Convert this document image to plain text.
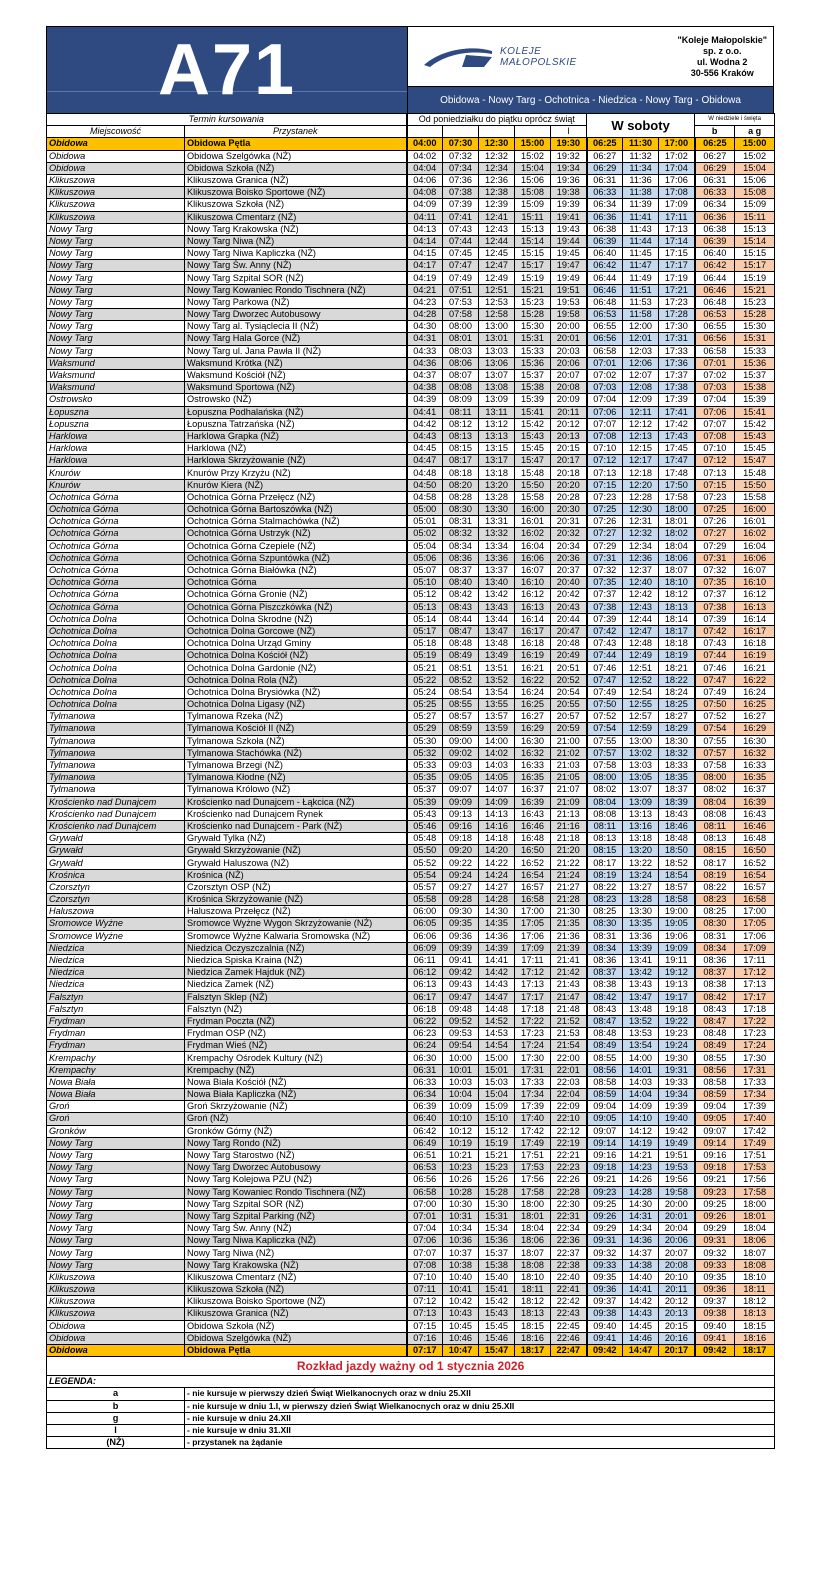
A71	KOLEJE
MAŁOPOLSKIE
"Koleje Małopolskie"
sp. z o.o.
ul. Wodna 2
30-556 Kraków
Obidowa - Nowy Targ - Ochotnica - Niedzica - Nowy Targ - Obidowa
Termin kursowania		Od poniedziałku do piątku oprócz świąt					W soboty			W niedziele i święta	
Miejscowość	Przystanek					l				b	a g
Obidowa	Obidowa Pętla	04:00	07:30	12:30	15:00	19:30	06:25	11:30	17:00	06:25	15:00
Obidowa	Obidowa Szelgówka (NŻ)	04:02	07:32	12:32	15:02	19:32	06:27	11:32	17:02	06:27	15:02
Obidowa	Obidowa Szkoła (NŻ)	04:04	07:34	12:34	15:04	19:34	06:29	11:34	17:04	06:29	15:04
Klikuszowa	Klikuszowa Granica (NŻ)	04:06	07:36	12:36	15:06	19:36	06:31	11:36	17:06	06:31	15:06
Klikuszowa	Klikuszowa Boisko Sportowe (NŻ)	04:08	07:38	12:38	15:08	19:38	06:33	11:38	17:08	06:33	15:08
Klikuszowa	Klikuszowa Szkoła (NŻ)	04:09	07:39	12:39	15:09	19:39	06:34	11:39	17:09	06:34	15:09
Klikuszowa	Klikuszowa Cmentarz (NŻ)	04:11	07:41	12:41	15:11	19:41	06:36	11:41	17:11	06:36	15:11
Nowy Targ	Nowy Targ Krakowska (NŻ)	04:13	07:43	12:43	15:13	19:43	06:38	11:43	17:13	06:38	15:13
Nowy Targ	Nowy Targ Niwa (NŻ)	04:14	07:44	12:44	15:14	19:44	06:39	11:44	17:14	06:39	15:14
Nowy Targ	Nowy Targ Niwa Kapliczka (NŻ)	04:15	07:45	12:45	15:15	19:45	06:40	11:45	17:15	06:40	15:15
Nowy Targ	Nowy Targ Św. Anny (NŻ)	04:17	07:47	12:47	15:17	19:47	06:42	11:47	17:17	06:42	15:17
Nowy Targ	Nowy Targ Szpital SOR (NŻ)	04:19	07:49	12:49	15:19	19:49	06:44	11:49	17:19	06:44	15:19
Nowy Targ	Nowy Targ Kowaniec Rondo Tischnera (NŻ)	04:21	07:51	12:51	15:21	19:51	06:46	11:51	17:21	06:46	15:21
Nowy Targ	Nowy Targ Parkowa (NŻ)	04:23	07:53	12:53	15:23	19:53	06:48	11:53	17:23	06:48	15:23
Nowy Targ	Nowy Targ Dworzec Autobusowy	04:28	07:58	12:58	15:28	19:58	06:53	11:58	17:28	06:53	15:28
Nowy Targ	Nowy Targ al. Tysiąclecia II (NŻ)	04:30	08:00	13:00	15:30	20:00	06:55	12:00	17:30	06:55	15:30
Nowy Targ	Nowy Targ Hala Gorce (NŻ)	04:31	08:01	13:01	15:31	20:01	06:56	12:01	17:31	06:56	15:31
Nowy Targ	Nowy Targ ul. Jana Pawła II (NŻ)	04:33	08:03	13:03	15:33	20:03	06:58	12:03	17:33	06:58	15:33
Waksmund	Waksmund Krótka (NŻ)	04:36	08:06	13:06	15:36	20:06	07:01	12:06	17:36	07:01	15:36
Waksmund	Waksmund Kościół (NŻ)	04:37	08:07	13:07	15:37	20:07	07:02	12:07	17:37	07:02	15:37
Waksmund	Waksmund Sportowa (NŻ)	04:38	08:08	13:08	15:38	20:08	07:03	12:08	17:38	07:03	15:38
Ostrowsko	Ostrowsko (NŻ)	04:39	08:09	13:09	15:39	20:09	07:04	12:09	17:39	07:04	15:39
Łopuszna	Łopuszna Podhalańska (NŻ)	04:41	08:11	13:11	15:41	20:11	07:06	12:11	17:41	07:06	15:41
Łopuszna	Łopuszna Tatrzańska (NŻ)	04:42	08:12	13:12	15:42	20:12	07:07	12:12	17:42	07:07	15:42
Harklowa	Harklowa Grapka (NŻ)	04:43	08:13	13:13	15:43	20:13	07:08	12:13	17:43	07:08	15:43
Harklowa	Harklowa (NŻ)	04:45	08:15	13:15	15:45	20:15	07:10	12:15	17:45	07:10	15:45
Harklowa	Harklowa Skrzyżowanie (NŻ)	04:47	08:17	13:17	15:47	20:17	07:12	12:17	17:47	07:12	15:47
Knurów	Knurów Przy Krzyżu (NŻ)	04:48	08:18	13:18	15:48	20:18	07:13	12:18	17:48	07:13	15:48
Knurów	Knurów Kiera (NŻ)	04:50	08:20	13:20	15:50	20:20	07:15	12:20	17:50	07:15	15:50
Ochotnica Górna	Ochotnica Górna Przełęcz (NŻ)	04:58	08:28	13:28	15:58	20:28	07:23	12:28	17:58	07:23	15:58
Ochotnica Górna	Ochotnica Górna Bartoszówka (NŻ)	05:00	08:30	13:30	16:00	20:30	07:25	12:30	18:00	07:25	16:00
Ochotnica Górna	Ochotnica Górna Stalmachówka (NŻ)	05:01	08:31	13:31	16:01	20:31	07:26	12:31	18:01	07:26	16:01
Ochotnica Górna	Ochotnica Górna Ustrzyk (NŻ)	05:02	08:32	13:32	16:02	20:32	07:27	12:32	18:02	07:27	16:02
Ochotnica Górna	Ochotnica Górna Czepiele (NŻ)	05:04	08:34	13:34	16:04	20:34	07:29	12:34	18:04	07:29	16:04
Ochotnica Górna	Ochotnica Górna Szpuntówka (NŻ)	05:06	08:36	13:36	16:06	20:36	07:31	12:36	18:06	07:31	16:06
Ochotnica Górna	Ochotnica Górna Białówka (NŻ)	05:07	08:37	13:37	16:07	20:37	07:32	12:37	18:07	07:32	16:07
Ochotnica Górna	Ochotnica Górna	05:10	08:40	13:40	16:10	20:40	07:35	12:40	18:10	07:35	16:10
Ochotnica Górna	Ochotnica Górna Gronie (NŻ)	05:12	08:42	13:42	16:12	20:42	07:37	12:42	18:12	07:37	16:12
Ochotnica Górna	Ochotnica Górna Piszczkówka (NŻ)	05:13	08:43	13:43	16:13	20:43	07:38	12:43	18:13	07:38	16:13
Ochotnica Dolna	Ochotnica Dolna Skrodne (NŻ)	05:14	08:44	13:44	16:14	20:44	07:39	12:44	18:14	07:39	16:14
Ochotnica Dolna	Ochotnica Dolna Gorcowe (NŻ)	05:17	08:47	13:47	16:17	20:47	07:42	12:47	18:17	07:42	16:17
Ochotnica Dolna	Ochotnica Dolna Urząd Gminy	05:18	08:48	13:48	16:18	20:48	07:43	12:48	18:18	07:43	16:18
Ochotnica Dolna	Ochotnica Dolna Kościół (NŻ)	05:19	08:49	13:49	16:19	20:49	07:44	12:49	18:19	07:44	16:19
Ochotnica Dolna	Ochotnica Dolna Gardonie (NŻ)	05:21	08:51	13:51	16:21	20:51	07:46	12:51	18:21	07:46	16:21
Ochotnica Dolna	Ochotnica Dolna Rola (NŻ)	05:22	08:52	13:52	16:22	20:52	07:47	12:52	18:22	07:47	16:22
Ochotnica Dolna	Ochotnica Dolna Brysiówka (NŻ)	05:24	08:54	13:54	16:24	20:54	07:49	12:54	18:24	07:49	16:24
Ochotnica Dolna	Ochotnica Dolna Ligasy (NŻ)	05:25	08:55	13:55	16:25	20:55	07:50	12:55	18:25	07:50	16:25
Tylmanowa	Tylmanowa Rzeka (NŻ)	05:27	08:57	13:57	16:27	20:57	07:52	12:57	18:27	07:52	16:27
Tylmanowa	Tylmanowa Kościół II (NŻ)	05:29	08:59	13:59	16:29	20:59	07:54	12:59	18:29	07:54	16:29
Tylmanowa	Tylmanowa Szkoła (NŻ)	05:30	09:00	14:00	16:30	21:00	07:55	13:00	18:30	07:55	16:30
Tylmanowa	Tylmanowa Stachówka (NŻ)	05:32	09:02	14:02	16:32	21:02	07:57	13:02	18:32	07:57	16:32
Tylmanowa	Tylmanowa Brzegi (NŻ)	05:33	09:03	14:03	16:33	21:03	07:58	13:03	18:33	07:58	16:33
Tylmanowa	Tylmanowa Kłodne (NŻ)	05:35	09:05	14:05	16:35	21:05	08:00	13:05	18:35	08:00	16:35
Tylmanowa	Tylmanowa Królowo (NŻ)	05:37	09:07	14:07	16:37	21:07	08:02	13:07	18:37	08:02	16:37
Krościenko nad Dunajcem	Krościenko nad Dunajcem - Łąkcica (NŻ)	05:39	09:09	14:09	16:39	21:09	08:04	13:09	18:39	08:04	16:39
Krościenko nad Dunajcem	Krościenko nad Dunajcem Rynek	05:43	09:13	14:13	16:43	21:13	08:08	13:13	18:43	08:08	16:43
Krościenko nad Dunajcem	Krościenko nad Dunajcem - Park (NŻ)	05:46	09:16	14:16	16:46	21:16	08:11	13:16	18:46	08:11	16:46
Grywałd	Grywałd Tylka (NŻ)	05:48	09:18	14:18	16:48	21:18	08:13	13:18	18:48	08:13	16:48
Grywałd	Grywałd Skrzyżowanie (NŻ)	05:50	09:20	14:20	16:50	21:20	08:15	13:20	18:50	08:15	16:50
Grywałd	Grywałd Haluszowa (NŻ)	05:52	09:22	14:22	16:52	21:22	08:17	13:22	18:52	08:17	16:52
Krośnica	Krośnica (NŻ)	05:54	09:24	14:24	16:54	21:24	08:19	13:24	18:54	08:19	16:54
Czorsztyn	Czorsztyn OSP (NŻ)	05:57	09:27	14:27	16:57	21:27	08:22	13:27	18:57	08:22	16:57
Czorsztyn	Krośnica Skrzyżowanie (NŻ)	05:58	09:28	14:28	16:58	21:28	08:23	13:28	18:58	08:23	16:58
Haluszowa	Haluszowa Przełęcz (NŻ)	06:00	09:30	14:30	17:00	21:30	08:25	13:30	19:00	08:25	17:00
Sromowce Wyżne	Sromowce Wyżne Wygon Skrzyżowanie (NŻ)	06:05	09:35	14:35	17:05	21:35	08:30	13:35	19:05	08:30	17:05
Sromowce Wyżne	Sromowce Wyżne Kalwaria Sromowska (NŻ)	06:06	09:36	14:36	17:06	21:36	08:31	13:36	19:06	08:31	17:06
Niedzica	Niedzica Oczyszczalnia (NŻ)	06:09	09:39	14:39	17:09	21:39	08:34	13:39	19:09	08:34	17:09
Niedzica	Niedzica Spiska Kraina (NŻ)	06:11	09:41	14:41	17:11	21:41	08:36	13:41	19:11	08:36	17:11
Niedzica	Niedzica Zamek Hajduk (NŻ)	06:12	09:42	14:42	17:12	21:42	08:37	13:42	19:12	08:37	17:12
Niedzica	Niedzica Zamek (NŻ)	06:13	09:43	14:43	17:13	21:43	08:38	13:43	19:13	08:38	17:13
Falsztyn	Falsztyn Sklep (NŻ)	06:17	09:47	14:47	17:17	21:47	08:42	13:47	19:17	08:42	17:17
Falsztyn	Falsztyn (NŻ)	06:18	09:48	14:48	17:18	21:48	08:43	13:48	19:18	08:43	17:18
Frydman	Frydman Poczta (NŻ)	06:22	09:52	14:52	17:22	21:52	08:47	13:52	19:22	08:47	17:22
Frydman	Frydman OSP (NŻ)	06:23	09:53	14:53	17:23	21:53	08:48	13:53	19:23	08:48	17:23
Frydman	Frydman Wieś (NŻ)	06:24	09:54	14:54	17:24	21:54	08:49	13:54	19:24	08:49	17:24
Krempachy	Krempachy Ośrodek Kultury (NŻ)	06:30	10:00	15:00	17:30	22:00	08:55	14:00	19:30	08:55	17:30
Krempachy	Krempachy (NŻ)	06:31	10:01	15:01	17:31	22:01	08:56	14:01	19:31	08:56	17:31
Nowa Biała	Nowa Biała Kościół (NŻ)	06:33	10:03	15:03	17:33	22:03	08:58	14:03	19:33	08:58	17:33
Nowa Biała	Nowa Biała Kapliczka (NŻ)	06:34	10:04	15:04	17:34	22:04	08:59	14:04	19:34	08:59	17:34
Groń	Groń Skrzyżowanie (NŻ)	06:39	10:09	15:09	17:39	22:09	09:04	14:09	19:39	09:04	17:39
Groń	Groń (NŻ)	06:40	10:10	15:10	17:40	22:10	09:05	14:10	19:40	09:05	17:40
Gronków	Gronków Górny (NŻ)	06:42	10:12	15:12	17:42	22:12	09:07	14:12	19:42	09:07	17:42
Nowy Targ	Nowy Targ Rondo (NŻ)	06:49	10:19	15:19	17:49	22:19	09:14	14:19	19:49	09:14	17:49
Nowy Targ	Nowy Targ Starostwo (NŻ)	06:51	10:21	15:21	17:51	22:21	09:16	14:21	19:51	09:16	17:51
Nowy Targ	Nowy Targ Dworzec Autobusowy	06:53	10:23	15:23	17:53	22:23	09:18	14:23	19:53	09:18	17:53
Nowy Targ	Nowy Targ Kolejowa PZU (NŻ)	06:56	10:26	15:26	17:56	22:26	09:21	14:26	19:56	09:21	17:56
Nowy Targ	Nowy Targ Kowaniec Rondo Tischnera (NŻ)	06:58	10:28	15:28	17:58	22:28	09:23	14:28	19:58	09:23	17:58
Nowy Targ	Nowy Targ Szpital SOR (NŻ)	07:00	10:30	15:30	18:00	22:30	09:25	14:30	20:00	09:25	18:00
Nowy Targ	Nowy Targ Szpital Parking (NŻ)	07:01	10:31	15:31	18:01	22:31	09:26	14:31	20:01	09:26	18:01
Nowy Targ	Nowy Targ Św. Anny (NŻ)	07:04	10:34	15:34	18:04	22:34	09:29	14:34	20:04	09:29	18:04
Nowy Targ	Nowy Targ Niwa Kapliczka (NŻ)	07:06	10:36	15:36	18:06	22:36	09:31	14:36	20:06	09:31	18:06
Nowy Targ	Nowy Targ Niwa (NŻ)	07:07	10:37	15:37	18:07	22:37	09:32	14:37	20:07	09:32	18:07
Nowy Targ	Nowy Targ Krakowska (NŻ)	07:08	10:38	15:38	18:08	22:38	09:33	14:38	20:08	09:33	18:08
Klikuszowa	Klikuszowa Cmentarz (NŻ)	07:10	10:40	15:40	18:10	22:40	09:35	14:40	20:10	09:35	18:10
Klikuszowa	Klikuszowa Szkoła (NŻ)	07:11	10:41	15:41	18:11	22:41	09:36	14:41	20:11	09:36	18:11
Klikuszowa	Klikuszowa Boisko Sportowe (NŻ)	07:12	10:42	15:42	18:12	22:42	09:37	14:42	20:12	09:37	18:12
Klikuszowa	Klikuszowa Granica (NŻ)	07:13	10:43	15:43	18:13	22:43	09:38	14:43	20:13	09:38	18:13
Obidowa	Obidowa Szkoła (NŻ)	07:15	10:45	15:45	18:15	22:45	09:40	14:45	20:15	09:40	18:15
Obidowa	Obidowa Szelgówka (NŻ)	07:16	10:46	15:46	18:16	22:46	09:41	14:46	20:16	09:41	18:16
Obidowa	Obidowa Pętla	07:17	10:47	15:47	18:17	22:47	09:42	14:47	20:17	09:42	18:17
Rozkład jazdy ważny od 1 stycznia 2026											
LEGENDA:											
a	- nie kursuje w pierwszy dzień Świąt Wielkanocnych oraz w dniu 25.XII										
b	- nie kursuje w dniu 1.I, w pierwszy dzień Świąt Wielkanocnych oraz w dniu 25.XII										
g	- nie kursuje w dniu 24.XII										
l	- nie kursuje w dniu 31.XII										
(NŻ)	- przystanek na żądanie										
